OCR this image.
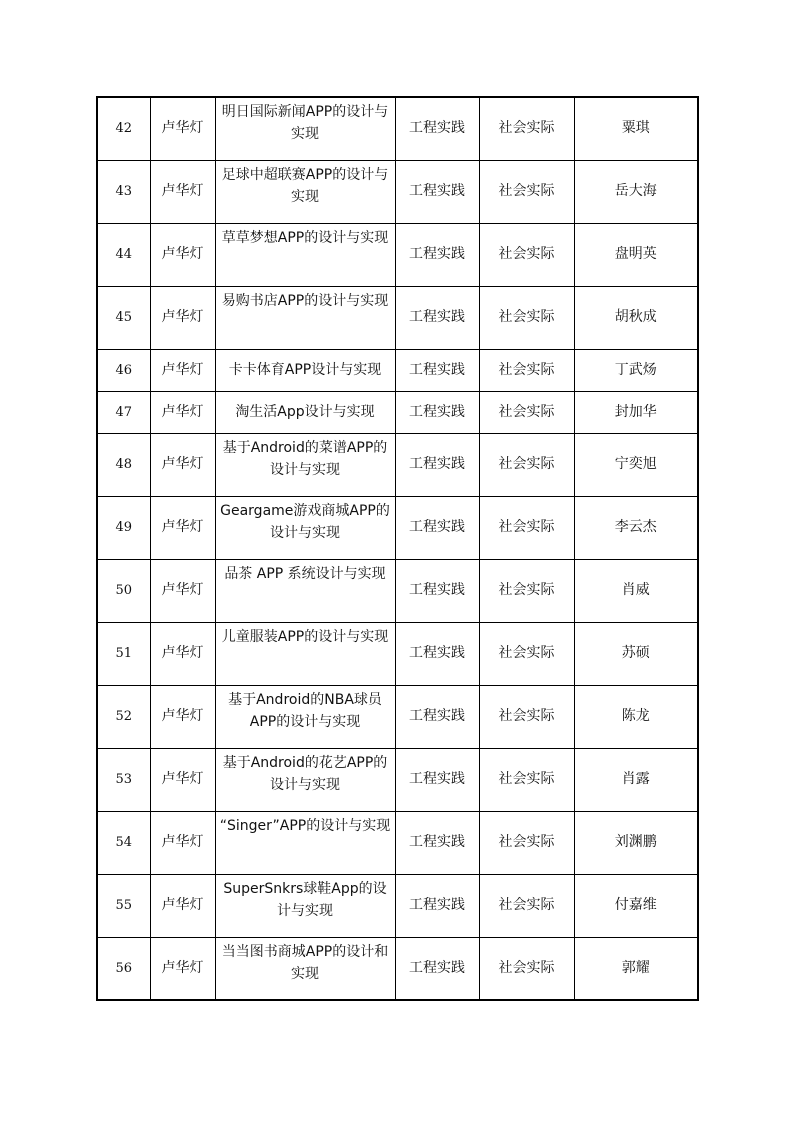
42	卢华灯	明日国际新闻APP的设计与实现	工程实践	社会实际	粟琪
43	卢华灯	足球中超联赛APP的设计与实现	工程实践	社会实际	岳大海
44	卢华灯	草草梦想APP的设计与实现	工程实践	社会实际	盘明英
45	卢华灯	易购书店APP的设计与实现	工程实践	社会实际	胡秋成
46	卢华灯	卡卡体育APP设计与实现	工程实践	社会实际	丁武炀
47	卢华灯	淘生活App设计与实现	工程实践	社会实际	封加华
48	卢华灯	基于Android的菜谱APP的设计与实现	工程实践	社会实际	宁奕旭
49	卢华灯	Geargame游戏商城APP的设计与实现	工程实践	社会实际	李云杰
50	卢华灯	品茶 APP 系统设计与实现	工程实践	社会实际	肖威
51	卢华灯	儿童服装APP的设计与实现	工程实践	社会实际	苏硕
52	卢华灯	基于Android的NBA球员APP的设计与实现	工程实践	社会实际	陈龙
53	卢华灯	基于Android的花艺APP的设计与实现	工程实践	社会实际	肖露
54	卢华灯	“Singer”APP的设计与实现	工程实践	社会实际	刘渊鹏
55	卢华灯	SuperSnkrs球鞋App的设计与实现	工程实践	社会实际	付嘉维
56	卢华灯	当当图书商城APP的设计和实现	工程实践	社会实际	郭耀
